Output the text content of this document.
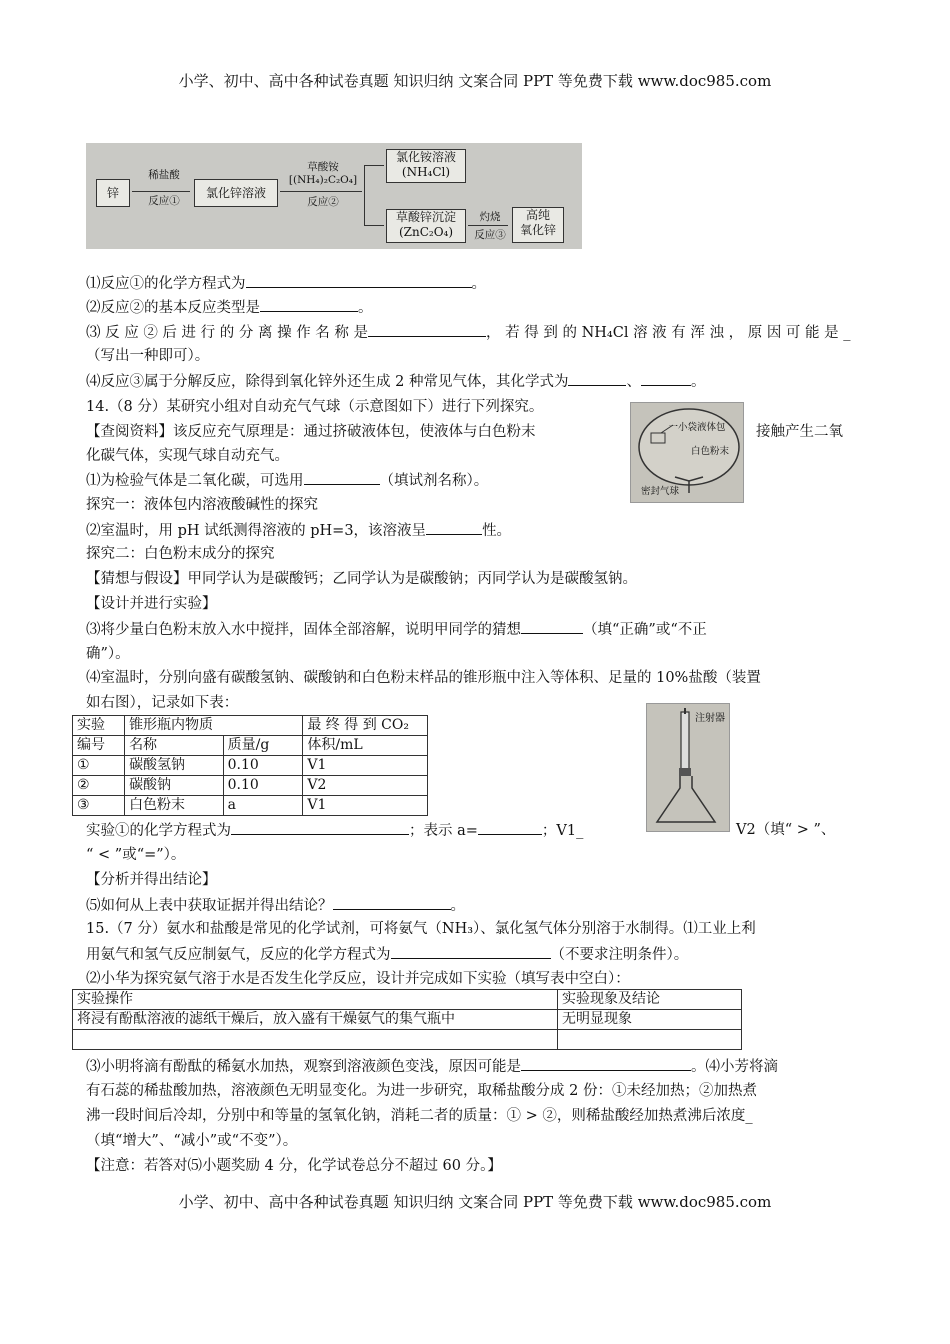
小学、初中、高中各种试卷真题 知识归纳 文案合同 PPT 等免费下载 www.doc985.com
锌
稀盐酸
反应①
氯化锌溶液
草酸铵
[(NH₄)₂C₂O₄]
反应②
氯化铵溶液
(NH₄Cl)
草酸锌沉淀
(ZnC₂O₄)
灼烧
反应③
高纯
氧化锌
⑴反应①的化学方程式为	。
⑵反应②的基本反应类型是	。
⑶ 反 应 ② 后 进 行 的 分 离 操 作 名 称 是	， 若 得 到 的 NH₄Cl 溶 液 有 浑 浊 ， 原 因 可 能 是 _
（写出一种即可）。
⑷反应③属于分解反应，除得到氧化锌外还生成 2 种常见气体，其化学式为	、	。
14.（8 分）某研究小组对自动充气气球（示意图如下）进行下列探究。
【查阅资料】该反应充气原理是：通过挤破液体包，使液体与白色粉末	接触产生二氧
化碳气体，实现气球自动充气。
一小袋液体包
白色粉末
密封气球
⑴为检验气体是二氧化碳，可选用	（填试剂名称）。
探究一：液体包内溶液酸碱性的探究
⑵室温时，用 pH 试纸测得溶液的 pH=3，该溶液呈	性。
探究二：白色粉末成分的探究
【猜想与假设】甲同学认为是碳酸钙；乙同学认为是碳酸钠；丙同学认为是碳酸氢钠。
【设计并进行实验】
⑶将少量白色粉末放入水中搅拌，固体全部溶解，说明甲同学的猜想	（填“正确”或“不正
确”）。
⑷室温时，分别向盛有碳酸氢钠、碳酸钠和白色粉末样品的锥形瓶中注入等体积、足量的 10%盐酸（装置
如右图），记录如下表：
实验	锥形瓶内物质		最 终 得 到 CO₂
编号	名称	质量/g	体积/mL
①	碳酸氢钠	0.10	V1
②	碳酸钠	0.10	V2
③	白色粉末	a	V1
注射器
实验①的化学方程式为	；表示 a=	；V1_	V2（填“ > ”、
“ < ”或“=”）。
【分析并得出结论】
⑸如何从上表中获取证据并得出结论？	。
15.（7 分）氨水和盐酸是常见的化学试剂，可将氨气（NH₃）、氯化氢气体分别溶于水制得。⑴工业上利
用氨气和氢气反应制氨气，反应的化学方程式为	（不要求注明条件）。
⑵小华为探究氨气溶于水是否发生化学反应，设计并完成如下实验（填写表中空白）：
实验操作	实验现象及结论
将浸有酚酞溶液的滤纸干燥后，放入盛有干燥氨气的集气瓶中	无明显现象

⑶小明将滴有酚酞的稀氨水加热，观察到溶液颜色变浅，原因可能是	。⑷小芳将滴
有石蕊的稀盐酸加热，溶液颜色无明显变化。为进一步研究，取稀盐酸分成 2 份：①未经加热；②加热煮
沸一段时间后冷却，分别中和等量的氢氧化钠，消耗二者的质量：① > ②，则稀盐酸经加热煮沸后浓度_
（填“增大”、“减小”或“不变”）。
【注意：若答对⑸小题奖励 4 分，化学试卷总分不超过 60 分。】
小学、初中、高中各种试卷真题 知识归纳 文案合同 PPT 等免费下载 www.doc985.com
